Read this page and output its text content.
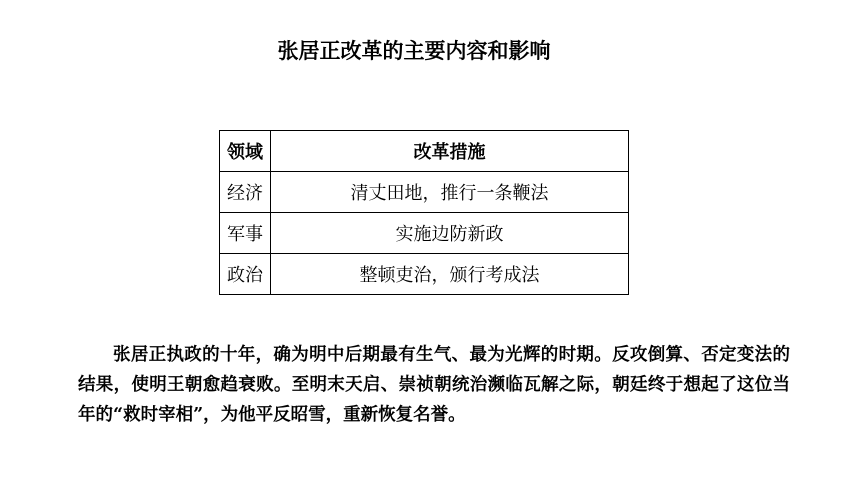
张居正改革的主要内容和影响
领域	改革措施
经济	清丈田地，推行一条鞭法
军事	实施边防新政
政治	整顿吏治，颁行考成法

张居正执政的十年，确为明中后期最有生气、最为光辉的时期。反攻倒算、否定变法的结果，使明王朝愈趋衰败。至明末天启、崇祯朝统治濒临瓦解之际，朝廷终于想起了这位当年的“救时宰相”，为他平反昭雪，重新恢复名誉。
